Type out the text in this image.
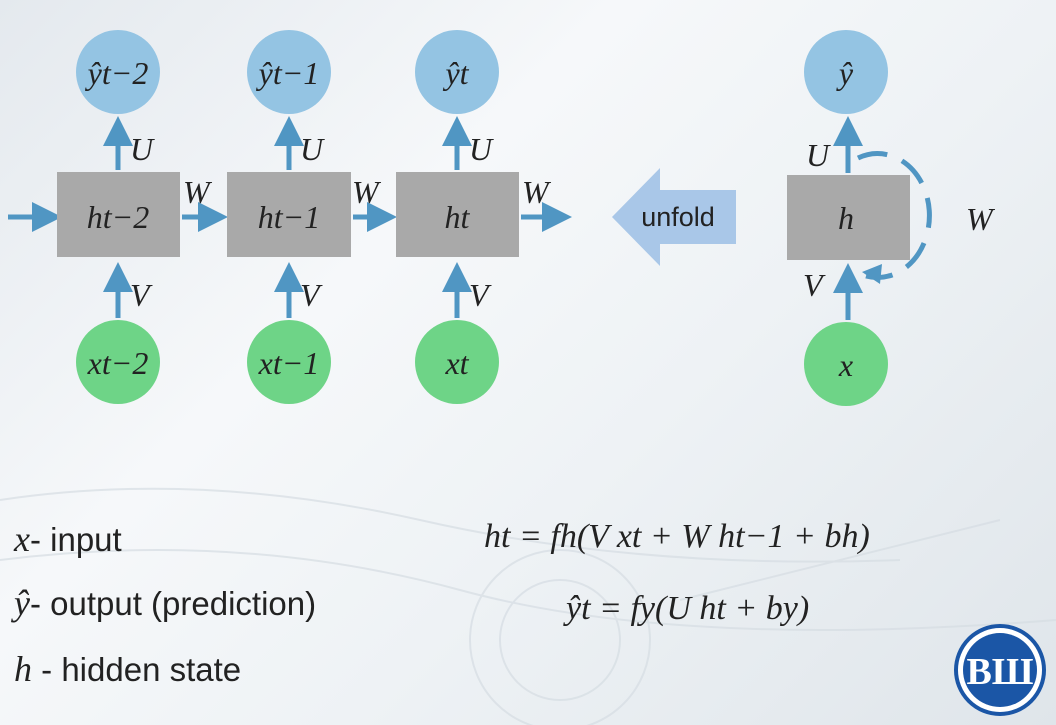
ŷt−2
ht−2
xt−2
U
V
W
ŷt−1
ht−1
xt−1
U
V
W
ŷt
ht
xt
U
V
W
unfold
ŷ
h
x
U
V
W
ВШ
x- input
ŷ- output (prediction)
h - hidden state
ht = fh(V xt + W ht−1 + bh)
ŷt = fy(U ht + by)
